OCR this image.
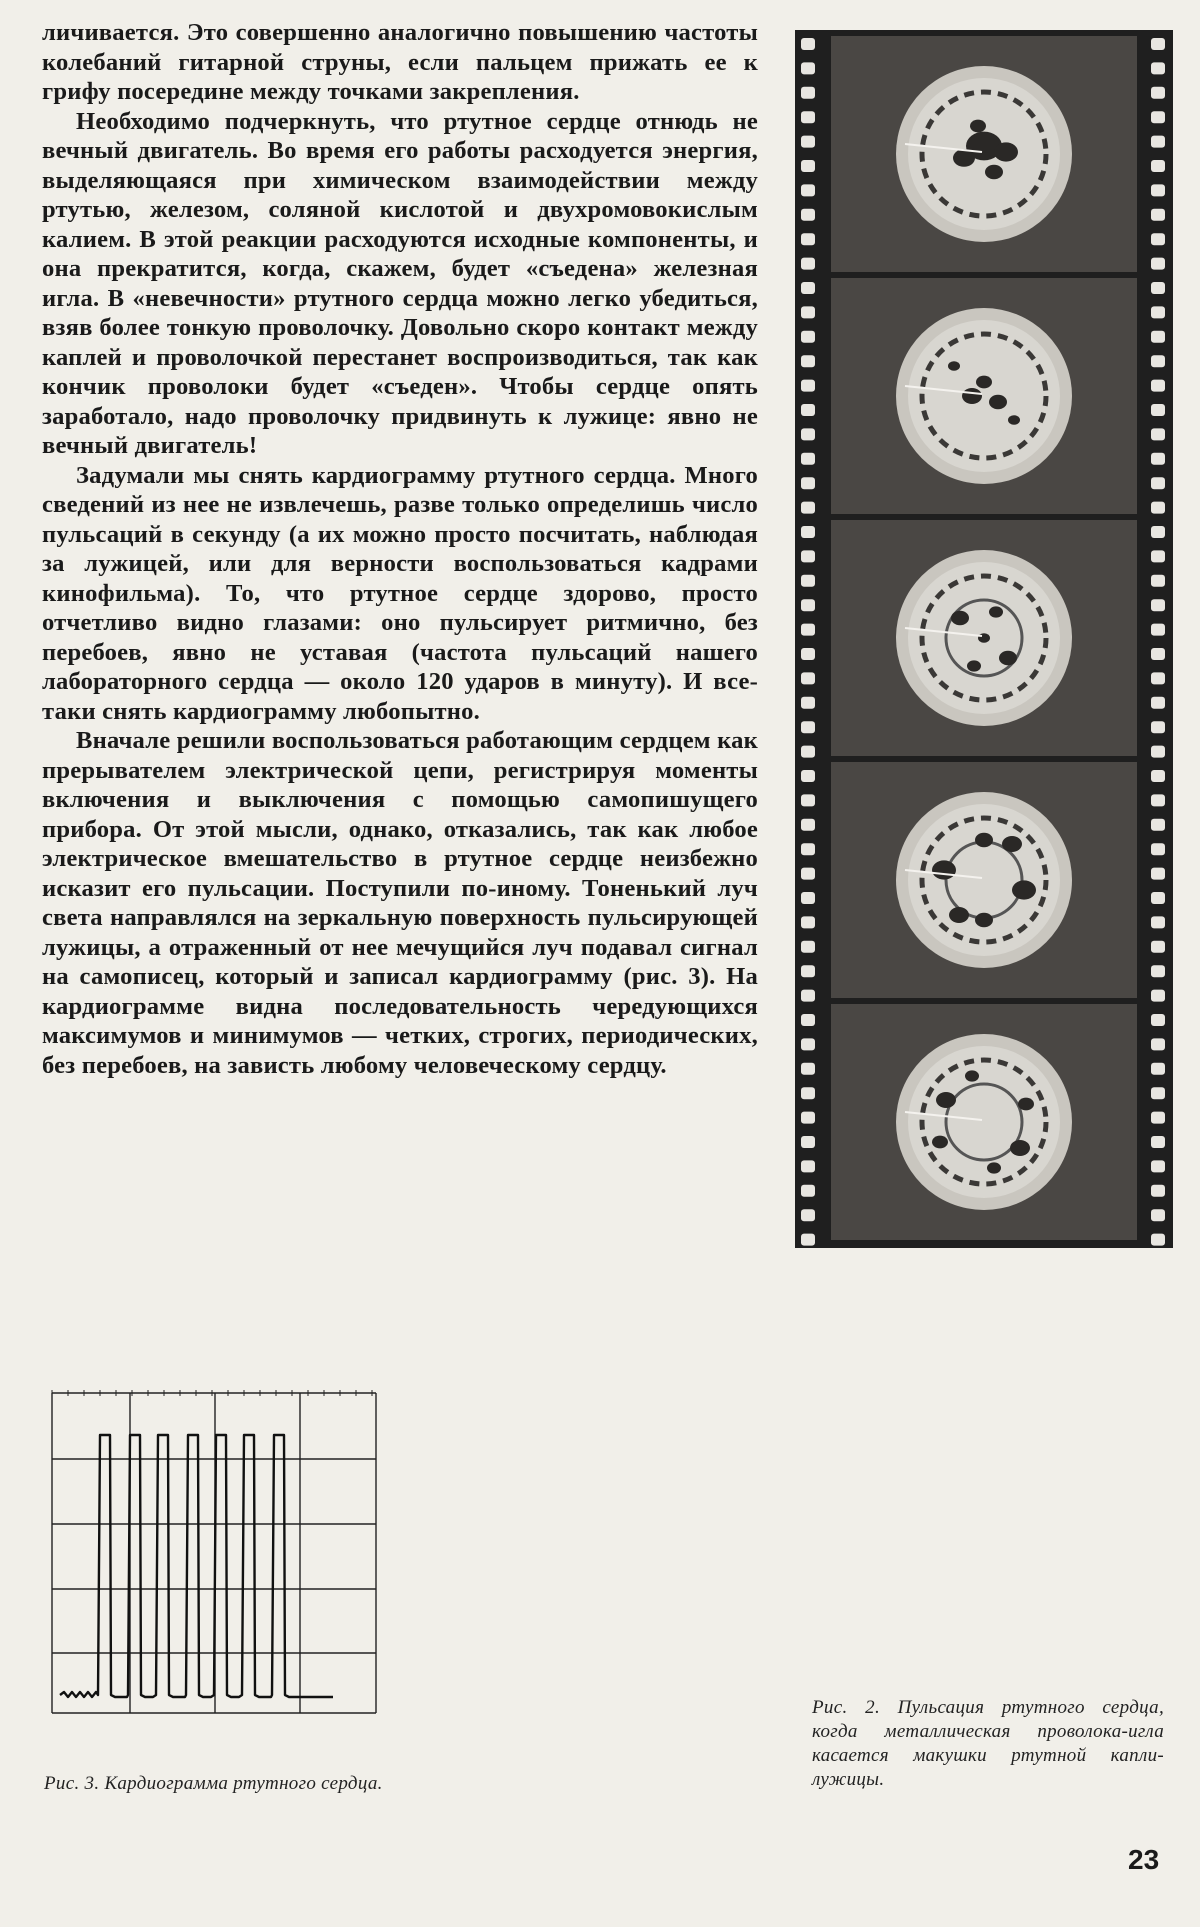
личивается. Это совершенно аналогично повышению частоты колебаний гитарной струны, если пальцем прижать ее к грифу посередине между точками закрепления.

Необходимо подчеркнуть, что ртутное сердце отнюдь не вечный двигатель. Во время его работы расходуется энергия, выделяющаяся при химическом взаимодействии между ртутью, железом, соляной кислотой и двухромовокислым калием. В этой реакции расходуются исходные компоненты, и она прекратится, когда, скажем, будет «съедена» железная игла. В «невечности» ртутного сердца можно легко убедиться, взяв более тонкую проволочку. Довольно скоро контакт между каплей и проволочкой перестанет воспроизводиться, так как кончик проволоки будет «съеден». Чтобы сердце опять заработало, надо проволочку придвинуть к лужице: явно не вечный двигатель!

Задумали мы снять кардиограмму ртутного сердца. Много сведений из нее не извлечешь, разве только определишь число пульсаций в секунду (а их можно просто посчитать, наблюдая за лужицей, или для верности воспользоваться кадрами кинофильма). То, что ртутное сердце здорово, просто отчетливо видно глазами: оно пульсирует ритмично, без перебоев, явно не уставая (частота пульсаций нашего лабораторного сердца — около 120 ударов в минуту). И все-таки снять кардиограмму любопытно.

Вначале решили воспользоваться работающим сердцем как прерывателем электрической цепи, регистрируя моменты включения и выключения с помощью самопишущего прибора. От этой мысли, однако, отказались, так как любое электрическое вмешательство в ртутное сердце неизбежно исказит его пульсации. Поступили по-иному. Тоненький луч света направлялся на зеркальную поверхность пульсирующей лужицы, а отраженный от нее мечущийся луч подавал сигнал на самописец, который и записал кардиограмму (рис. 3). На кардиограмме видна последовательность чередующихся максимумов и минимумов — четких, строгих, периодических, без перебоев, на зависть любому человеческому сердцу.

Рис. 3. Кардиограмма ртутного сердца.
Рис. 2. Пульсация ртутного сердца, когда металлическая проволока-игла касается макушки ртутной капли-лужицы.
23
